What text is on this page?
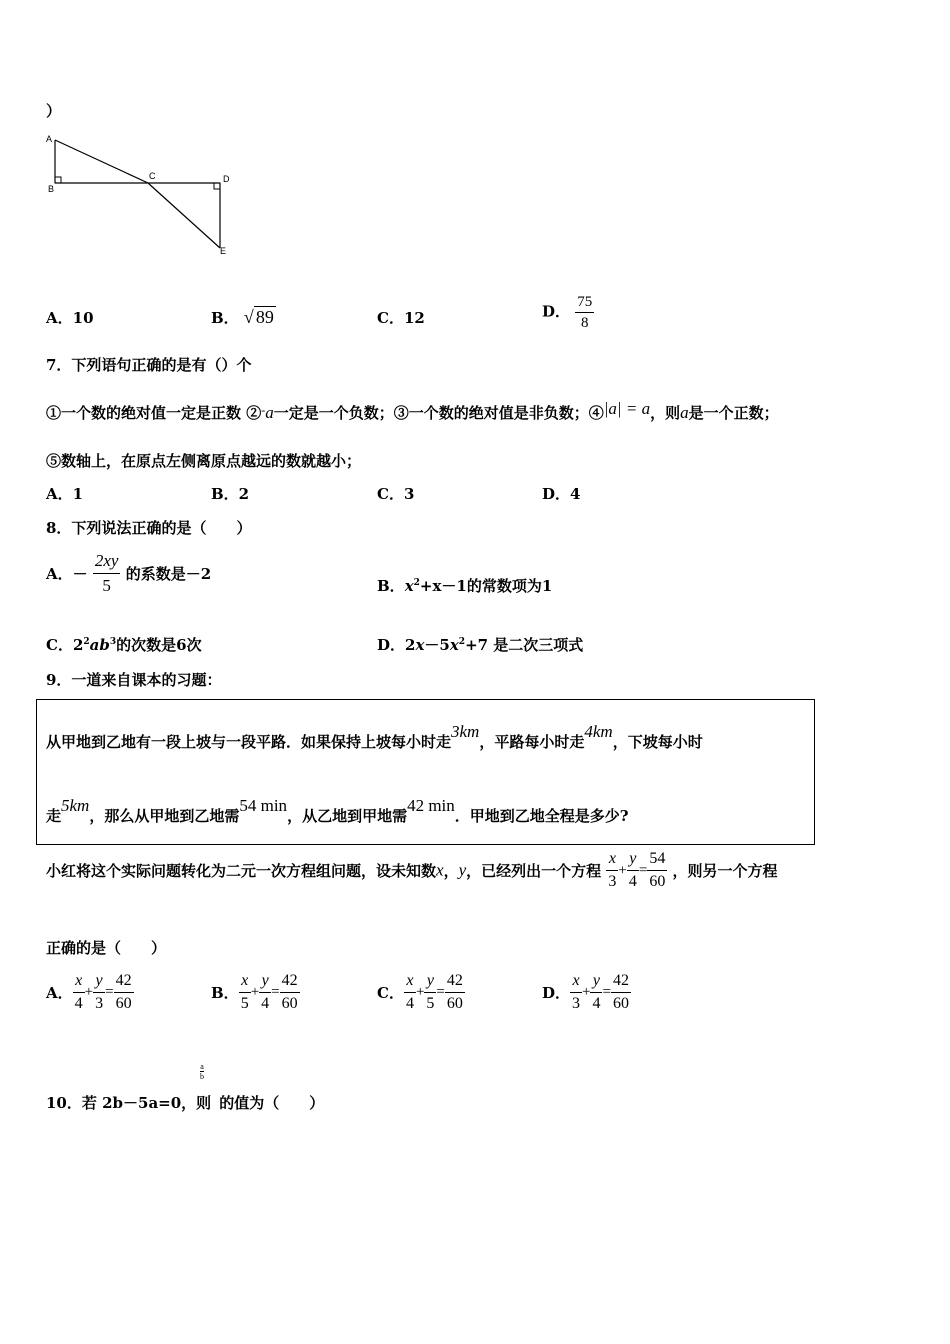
）
A
B
C	D
E
A．10	B． √ 89	C．12	D． $\frac{75}{8}$
7．下列语句正确的是有（）个
①一个数的绝对值一定是正数 ②-a一定是一个负数；③一个数的绝对值是非负数；④|a| = a，则a是一个正数；
⑤数轴上，在原点左侧离原点越远的数就越小；
A．1	B．2	C．3	D．4
8．下列说法正确的是（　　）
A．－ $\frac{2xy}{5}$ 的系数是－2
B．$x^2+x-1$的常数项为1
C．$2^2ab^3$的次数是6次	D．$2x-5x^2+7$ 是二次三项式
9．一道来自课本的习题：
从甲地到乙地有一段上坡与一段平路．如果保持上坡每小时走3km，平路每小时走4km，下坡每小时
走5km，那么从甲地到乙地需54 min，从乙地到甲地需42 min．甲地到乙地全程是多少?
小红将这个实际问题转化为二元一次方程组问题，设未知数x，y，已经列出一个方程 $\frac{x}{3} + \frac{y}{4} = \frac{54}{60}$ ，则另一个方程
正确的是（　　）
A． $\frac{x}{4} + \frac{y}{3} = \frac{42}{60}$	B． $\frac{x}{5} + \frac{y}{4} = \frac{42}{60}$	C． $\frac{x}{4} + \frac{y}{5} = \frac{42}{60}$	D． $\frac{x}{3} + \frac{y}{4} = \frac{42}{60}$
a
b
10．若 2b－5a=0，则 的值为（　　）
